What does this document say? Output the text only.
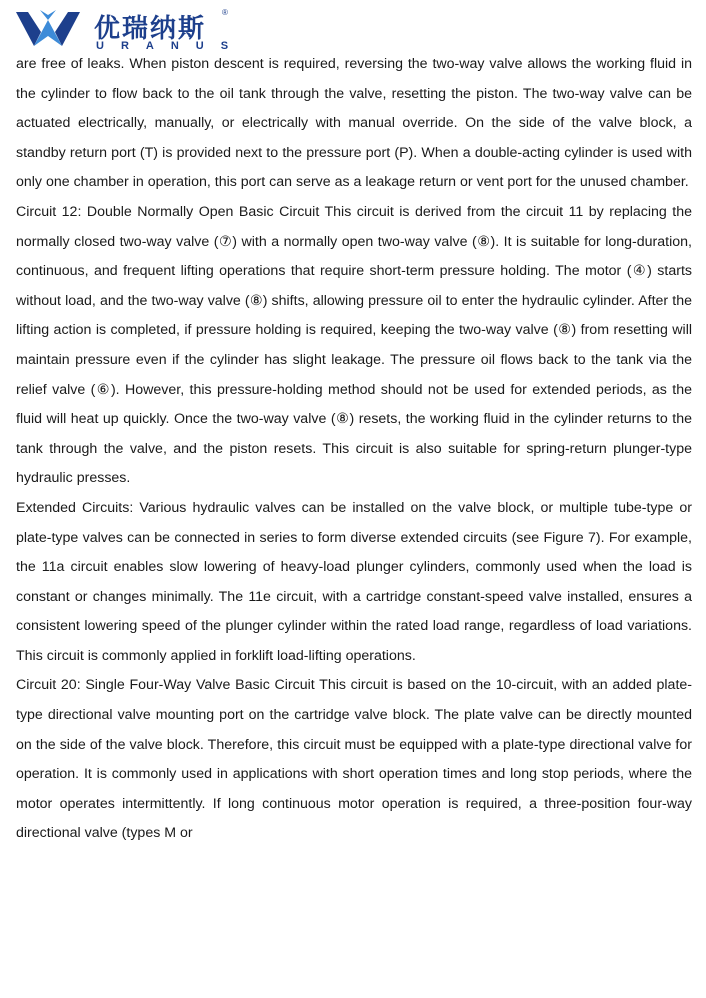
优瑞纳斯
®
URANUS

are free of leaks. When piston descent is required, reversing the two-way valve allows the working fluid in the cylinder to flow back to the oil tank through the valve, resetting the piston. The two-way valve can be actuated electrically, manually, or electrically with manual override. On the side of the valve block, a standby return port (T) is provided next to the pressure port (P). When a double-acting cylinder is used with only one chamber in operation, this port can serve as a leakage return or vent port for the unused chamber.

Circuit 12: Double Normally Open Basic Circuit This circuit is derived from the circuit 11 by replacing the normally closed two-way valve (⑦) with a normally open two-way valve (⑧). It is suitable for long-duration, continuous, and frequent lifting operations that require short-term pressure holding. The motor (④) starts without load, and the two-way valve (⑧) shifts, allowing pressure oil to enter the hydraulic cylinder. After the lifting action is completed, if pressure holding is required, keeping the two-way valve (⑧) from resetting will maintain pressure even if the cylinder has slight leakage. The pressure oil flows back to the tank via the relief valve (⑥). However, this pressure-holding method should not be used for extended periods, as the fluid will heat up quickly. Once the two-way valve (⑧) resets, the working fluid in the cylinder returns to the tank through the valve, and the piston resets. This circuit is also suitable for spring-return plunger-type hydraulic presses.

Extended Circuits: Various hydraulic valves can be installed on the valve block, or multiple tube-type or plate-type valves can be connected in series to form diverse extended circuits (see Figure 7). For example, the 11a circuit enables slow lowering of heavy-load plunger cylinders, commonly used when the load is constant or changes minimally. The 11e circuit, with a cartridge constant-speed valve installed, ensures a consistent lowering speed of the plunger cylinder within the rated load range, regardless of load variations. This circuit is commonly applied in forklift load-lifting operations.

Circuit 20: Single Four-Way Valve Basic Circuit This circuit is based on the 10-circuit, with an added plate-type directional valve mounting port on the cartridge valve block. The plate valve can be directly mounted on the side of the valve block. Therefore, this circuit must be equipped with a plate-type directional valve for operation. It is commonly used in applications with short operation times and long stop periods, where the motor operates intermittently. If long continuous motor operation is required, a three-position four-way directional valve (types M or
